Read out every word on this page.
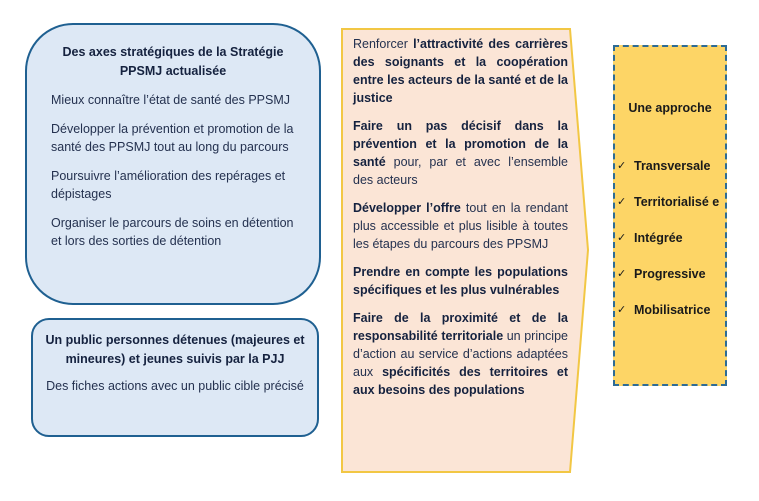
Des axes stratégiques de la Stratégie PPSMJ actualisée
Mieux connaître l’état de santé des PPSMJ
Développer la prévention et promotion de la santé des PPSMJ tout au long du parcours
Poursuivre l’amélioration des repérages et dépistages
Organiser le parcours de soins en détention et lors des sorties de détention
Un public personnes détenues (majeures et mineures) et jeunes suivis par la PJJ
Des fiches actions avec un public cible précisé
Renforcer l’attractivité des carrières des soignants et la coopération entre les acteurs de la santé et de la justice
Faire un pas décisif dans la prévention et la promotion de la santé pour, par et avec l’ensemble des acteurs
Développer l’offre tout en la rendant plus accessible et plus lisible à toutes les étapes du parcours des PPSMJ
Prendre en compte les populations spécifiques et les plus vulnérables
Faire de la proximité et de la responsabilité territoriale un principe d’action au service d’actions adaptées aux spécificités des territoires et aux besoins des populations
Une approche
✓ Transversale
✓ Territorialisé e
✓ Intégrée
✓ Progressive
✓ Mobilisatrice
